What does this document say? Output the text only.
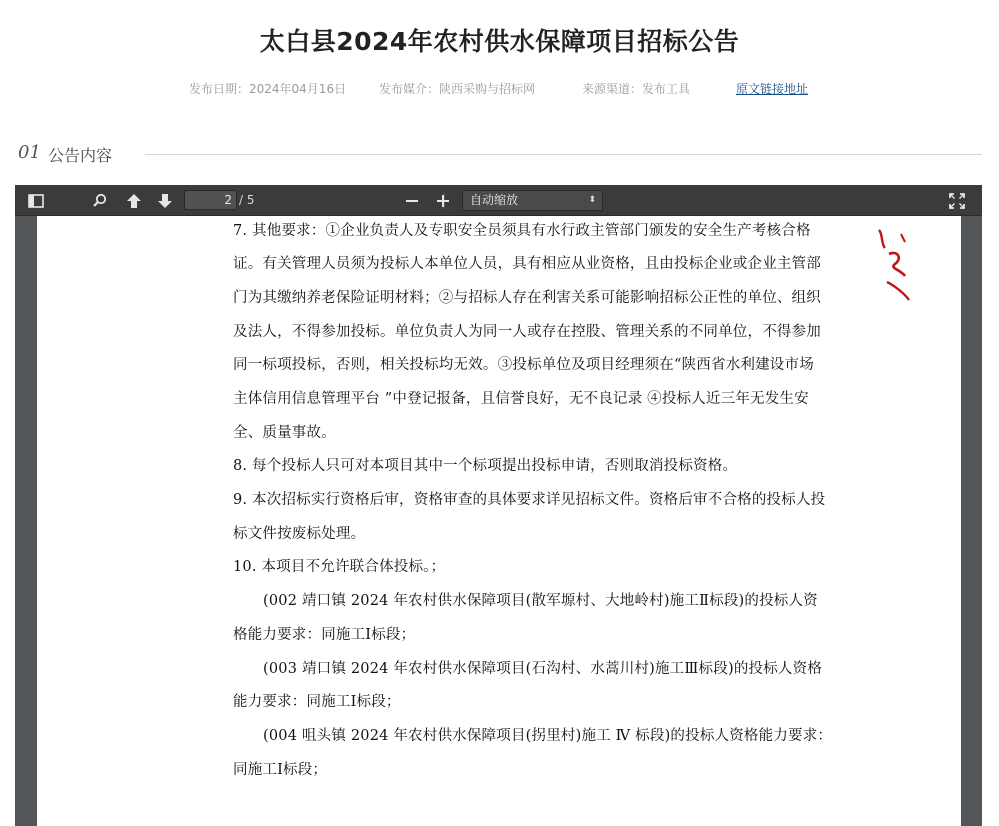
太白县2024年农村供水保障项目招标公告
发布日期：2024年04月16日	发布媒介：陕西采购与招标网	来源渠道：发布工具	原文链接地址
01 公告内容
2
/ 5	自动缩放	⬍
7. 其他要求：①企业负责人及专职安全员须具有水行政主管部门颁发的安全生产考核合格
证。有关管理人员须为投标人本单位人员，具有相应从业资格，且由投标企业或企业主管部
门为其缴纳养老保险证明材料；②与招标人存在利害关系可能影响招标公正性的单位、组织
及法人，不得参加投标。单位负责人为同一人或存在控股、管理关系的不同单位，不得参加
同一标项投标，否则，相关投标均无效。③投标单位及项目经理须在“陕西省水利建设市场
主体信用信息管理平台 ”中登记报备，且信誉良好，无不良记录 ④投标人近三年无发生安
全、质量事故。
8. 每个投标人只可对本项目其中一个标项提出投标申请，否则取消投标资格。
9. 本次招标实行资格后审，资格审查的具体要求详见招标文件。资格后审不合格的投标人投
标文件按废标处理。
10. 本项目不允许联合体投标。；
(002 靖口镇 2024 年农村供水保障项目(散军塬村、大地岭村)施工Ⅱ标段)的投标人资
格能力要求：同施工Ⅰ标段；
(003 靖口镇 2024 年农村供水保障项目(石沟村、水蒿川村)施工Ⅲ标段)的投标人资格
能力要求：同施工Ⅰ标段；
(004 咀头镇 2024 年农村供水保障项目(拐里村)施工 Ⅳ 标段)的投标人资格能力要求：
同施工Ⅰ标段；
